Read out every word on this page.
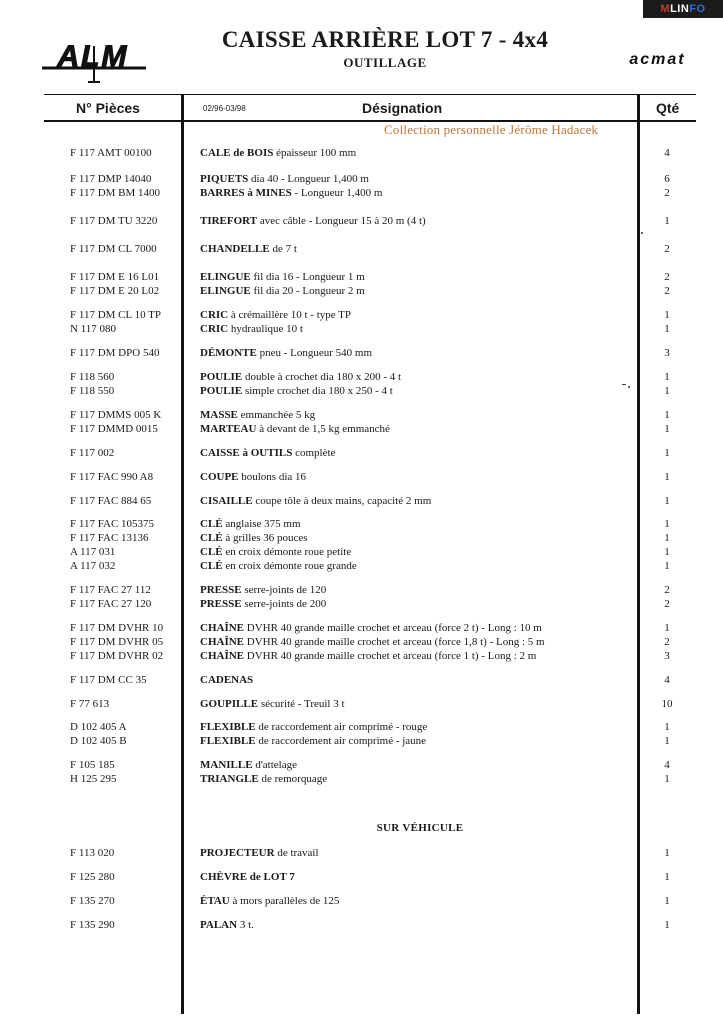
MLINFO
ALM
CAISSE ARRIÈRE LOT 7 - 4x4
OUTILLAGE	acmat
N° Pièces	02/96-03/98	Désignation	Qté
Collection personnelle Jérôme Hadacek
F 117 AMT 00100	CALE de BOIS épaisseur 100 mm	4
F 117 DMP 14040	PIQUETS dia 40 - Longueur 1,400 m	6
F 117 DM BM 1400	BARRES à MINES - Longueur 1,400 m	2
F 117 DM TU 3220	TIREFORT avec câble - Longueur 15 à 20 m (4 t)	1
F 117 DM CL 7000	CHANDELLE de 7 t	2
F 117 DM E 16 L01	ELINGUE fil dia 16 - Longueur 1 m	2
F 117 DM E 20 L02	ELINGUE fil dia 20 - Longueur 2 m	2
F 117 DM CL 10 TP	CRIC à crémaillère 10 t - type TP	1
N 117 080	CRIC hydraulique 10 t	1
F 117 DM DPO 540	DÉMONTE pneu - Longueur 540 mm	3
F 118 560	POULIE double à crochet dia 180 x 200 - 4 t	1
F 118 550	POULIE simple crochet dia 180 x 250 - 4 t	1
F 117 DMMS 005 K	MASSE emmanchée 5 kg	1
F 117 DMMD 0015	MARTEAU à devant de 1,5 kg emmanché	1
F 117 002	CAISSE à OUTILS complète	1
F 117 FAC 990 A8	COUPE boulons dia 16	1
F 117 FAC 884 65	CISAILLE coupe tôle à deux mains, capacité 2 mm	1
F 117 FAC 105375	CLÉ anglaise 375 mm	1
F 117 FAC 13136	CLÉ à grilles 36 pouces	1
A 117 031	CLÉ en croix démonte roue petite	1
A 117 032	CLÉ en croix démonte roue grande	1
F 117 FAC 27 112	PRESSE serre-joints de 120	2
F 117 FAC 27 120	PRESSE serre-joints de 200	2
F 117 DM DVHR 10	CHAÎNE DVHR 40 grande maille crochet et arceau (force 2 t) - Long : 10 m	1
F 117 DM DVHR 05	CHAÎNE DVHR 40 grande maille crochet et arceau (force 1,8 t) - Long : 5 m	2
F 117 DM DVHR 02	CHAÎNE DVHR 40 grande maille crochet et arceau (force 1 t) - Long : 2 m	3
F 117 DM CC 35	CADENAS	4
F 77 613	GOUPILLE sécurité - Treuil 3 t	10
D 102 405 A	FLEXIBLE de raccordement air comprimé - rouge	1
D 102 405 B	FLEXIBLE de raccordement air comprimé - jaune	1
F 105 185	MANILLE d'attelage	4
H 125 295	TRIANGLE de remorquage	1
F 113 020	PROJECTEUR de travail	1
F 125 280	CHÈVRE de LOT 7	1
F 135 270	ÉTAU à mors parallèles de 125	1
F 135 290	PALAN 3 t.	1
SUR VÉHICULE
